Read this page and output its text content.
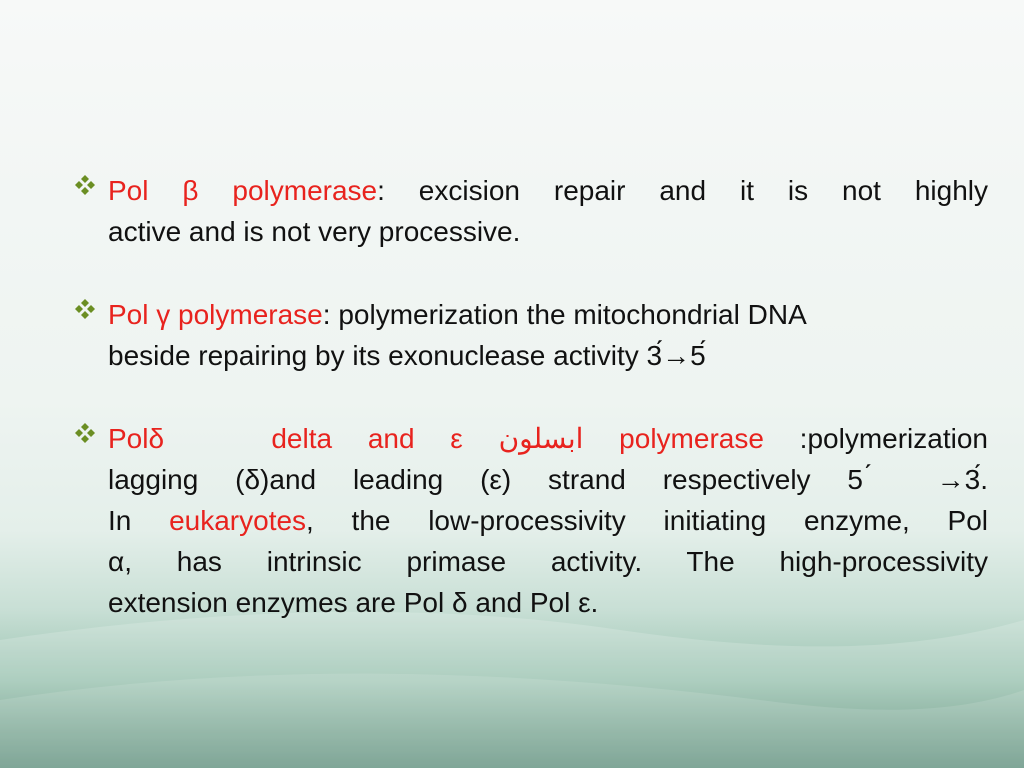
Pol β polymerase: excision repair and it is not highly
active and is not very processive.
Pol γ polymerase: polymerization the mitochondrial DNA
beside repairing by its exonuclease activity 3́→5́
Polδ      delta  and  ε  ابسلون  polymerase  :polymerization
lagging (δ)and leading (ε) strand respectively 5 ́ →3́.
In eukaryotes, the low-processivity initiating enzyme, Pol
α, has intrinsic primase activity. The high-processivity
extension enzymes are Pol δ and Pol ε.
